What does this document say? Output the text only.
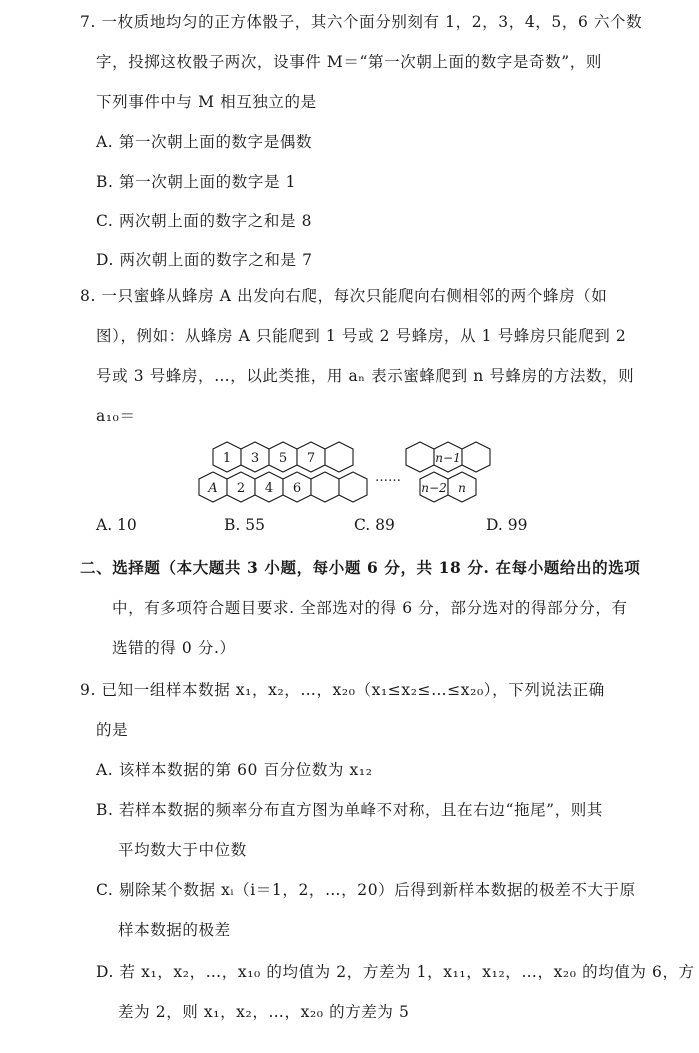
7. 一枚质地均匀的正方体骰子，其六个面分别刻有 1，2，3，4，5，6 六个数
字，投掷这枚骰子两次，设事件 M＝“第一次朝上面的数字是奇数”，则
下列事件中与 M 相互独立的是
A. 第一次朝上面的数字是偶数
B. 第一次朝上面的数字是 1
C. 两次朝上面的数字之和是 8
D. 两次朝上面的数字之和是 7
8. 一只蜜蜂从蜂房 A 出发向右爬，每次只能爬向右侧相邻的两个蜂房（如
图），例如：从蜂房 A 只能爬到 1 号或 2 号蜂房，从 1 号蜂房只能爬到 2
号或 3 号蜂房，…，以此类推，用 aₙ 表示蜜蜂爬到 n 号蜂房的方法数，则
a₁₀＝
1 3 5 7
A 2 4 6
……
n−1
n−2 n
A. 10	B. 55	C. 89	D. 99
二、选择题（本大题共 3 小题，每小题 6 分，共 18 分. 在每小题给出的选项
中，有多项符合题目要求. 全部选对的得 6 分，部分选对的得部分分，有
选错的得 0 分.）
9. 已知一组样本数据 x₁，x₂，…，x₂₀（x₁≤x₂≤…≤x₂₀），下列说法正确
的是
A. 该样本数据的第 60 百分位数为 x₁₂
B. 若样本数据的频率分布直方图为单峰不对称，且在右边“拖尾”，则其
平均数大于中位数
C. 剔除某个数据 xᵢ（i＝1，2，…，20）后得到新样本数据的极差不大于原
样本数据的极差
D. 若 x₁，x₂，…，x₁₀ 的均值为 2，方差为 1，x₁₁，x₁₂，…，x₂₀ 的均值为 6，方
差为 2，则 x₁，x₂，…，x₂₀ 的方差为 5
